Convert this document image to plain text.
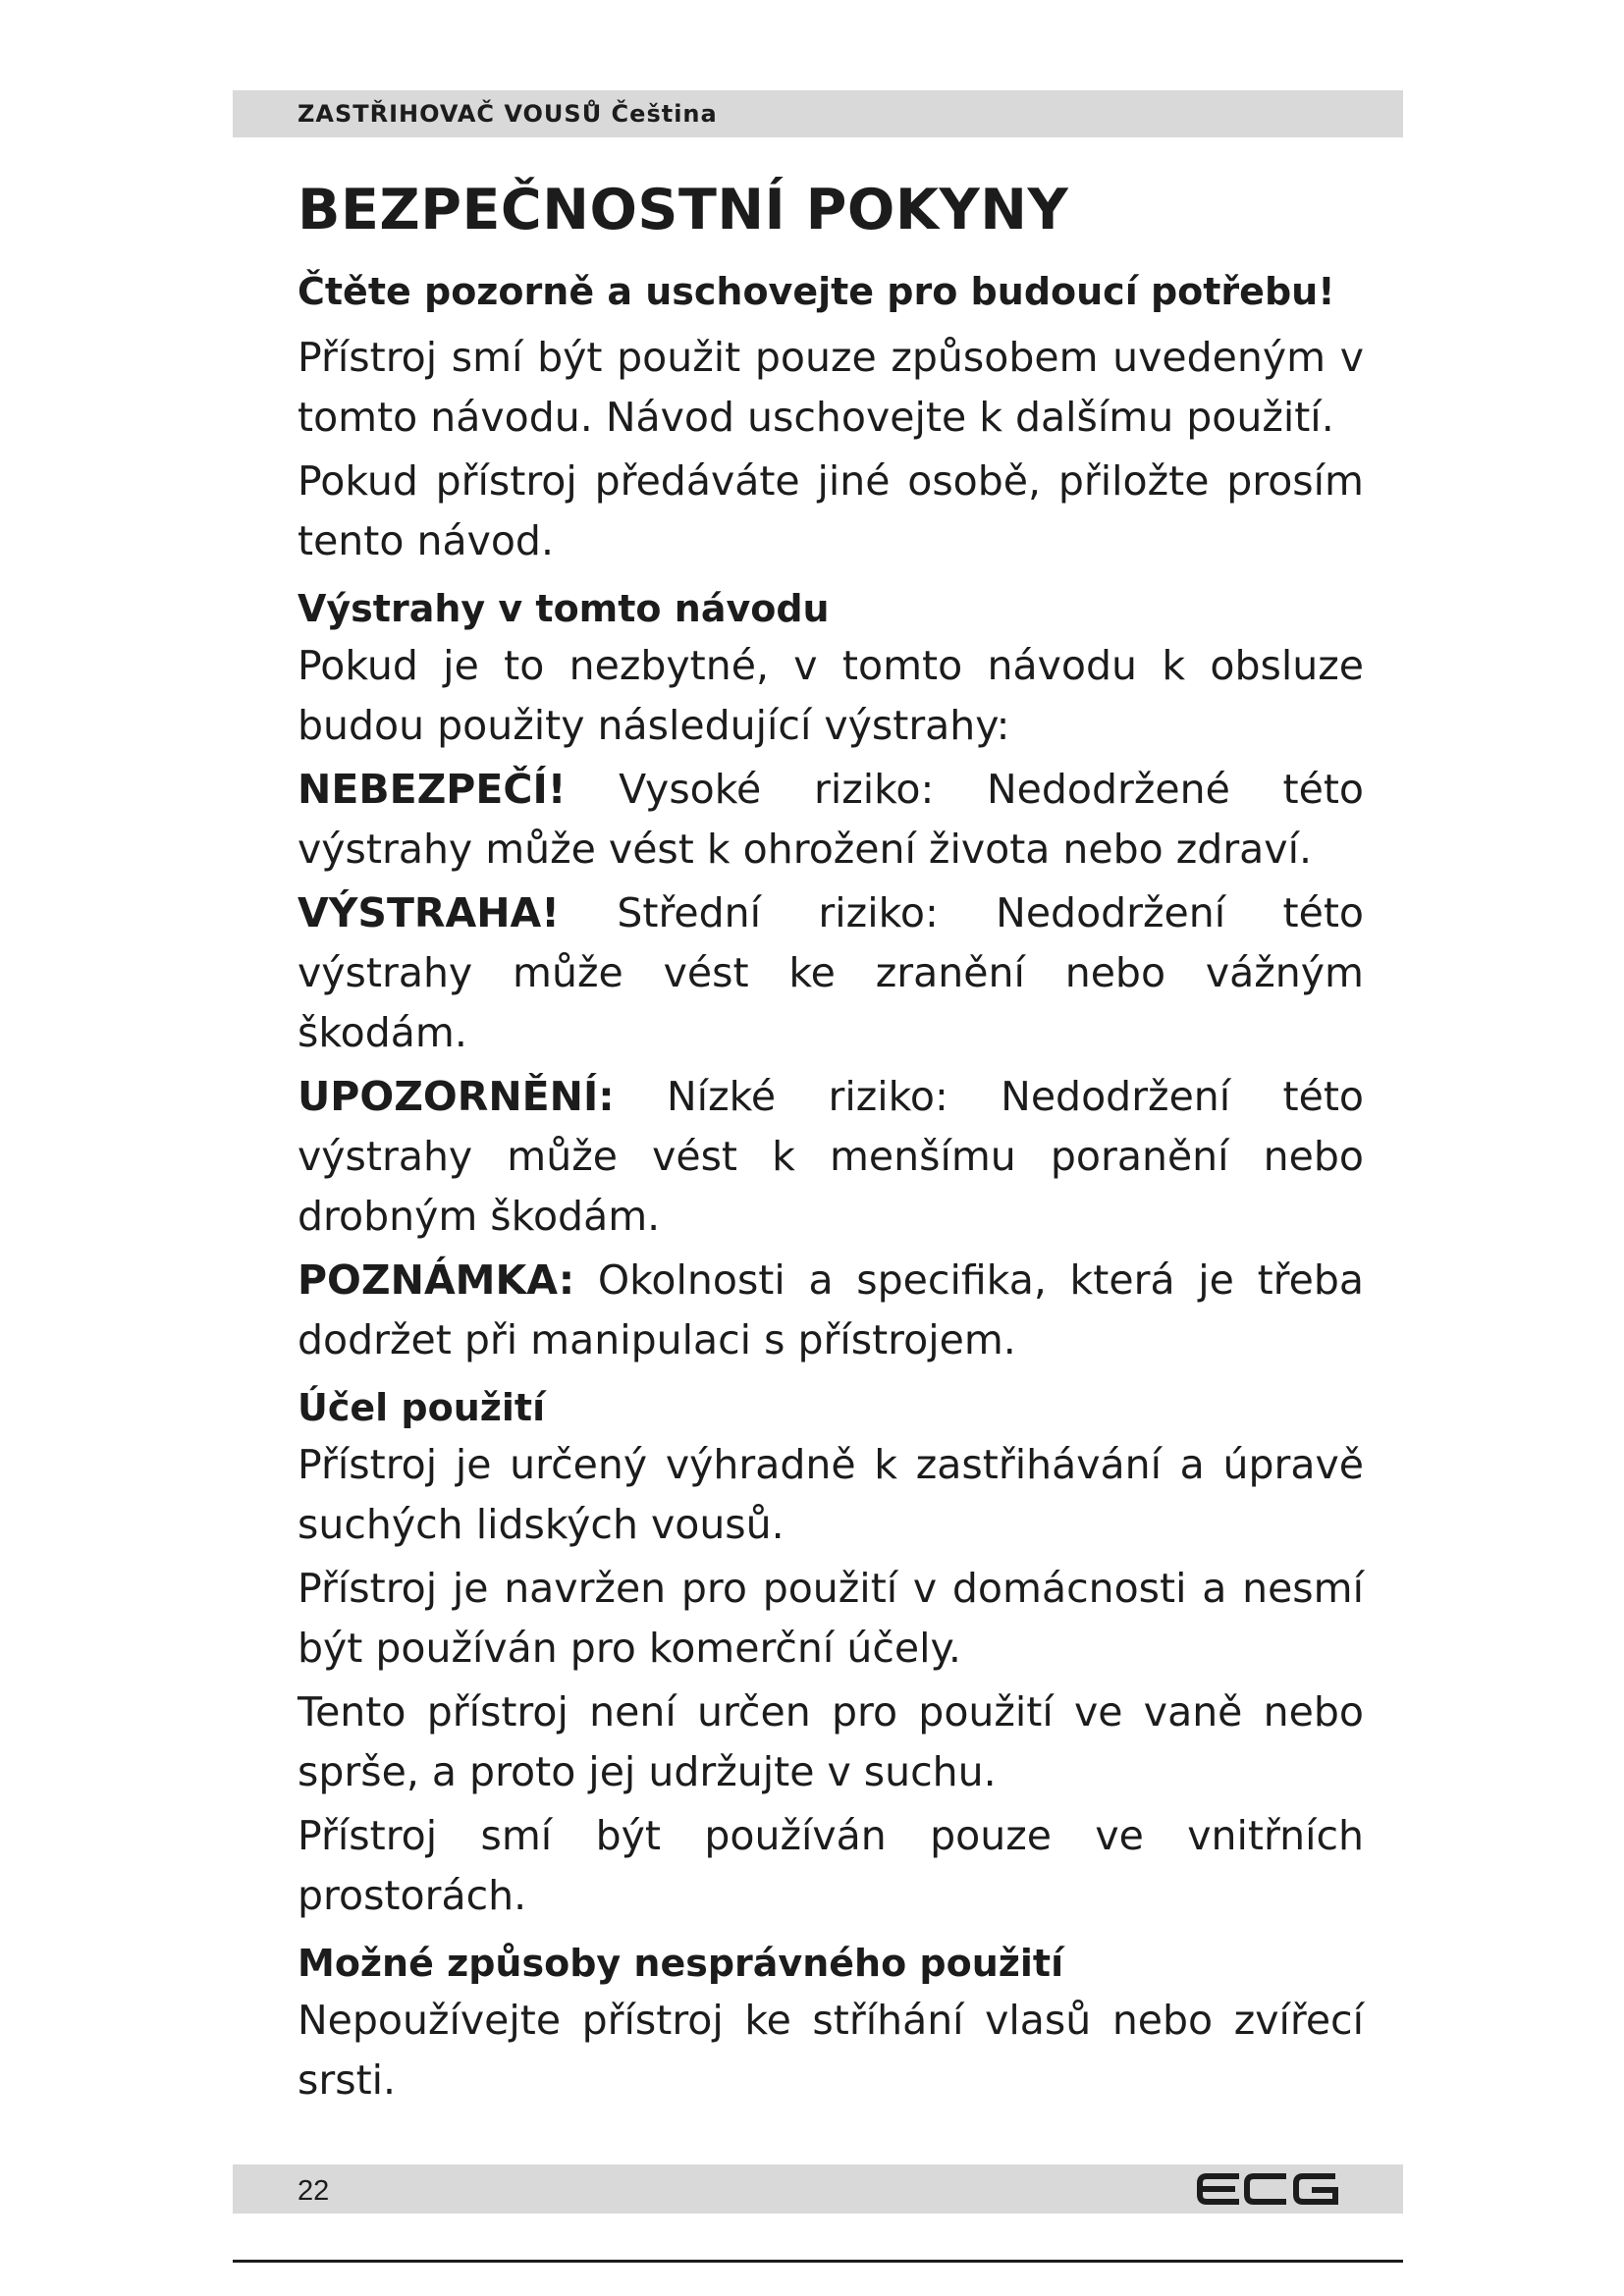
ZASTŘIHOVAČ VOUSŮ Čeština
BEZPEČNOSTNÍ POKYNY
Čtěte pozorně a uschovejte pro budoucí potřebu!

Přístroj smí být použit pouze způsobem uvedeným v tomto návodu. Návod uschovejte k dalšímu použití.

Pokud přístroj předáváte jiné osobě, přiložte prosím tento návod.

Výstrahy v tomto návodu

Pokud je to nezbytné, v tomto návodu k obsluze budou použity následující výstrahy:

NEBEZPEČÍ! Vysoké riziko: Nedodržené této výstrahy může vést k ohrožení života nebo zdraví.

VÝSTRAHA! Střední riziko: Nedodržení této výstrahy může vést ke zranění nebo vážným škodám.

UPOZORNĚNÍ: Nízké riziko: Nedodržení této výstrahy může vést k menšímu poranění nebo drobným škodám.

POZNÁMKA: Okolnosti a specifika, která je třeba dodržet při manipulaci s přístrojem.

Účel použití

Přístroj je určený výhradně k zastřihávání a úpravě suchých lidských vousů.

Přístroj je navržen pro použití v domácnosti a nesmí být používán pro komerční účely.

Tento přístroj není určen pro použití ve vaně nebo sprše, a proto jej udržujte v suchu.

Přístroj smí být používán pouze ve vnitřních prostorách.

Možné způsoby nesprávného použití

Nepoužívejte přístroj ke stříhání vlasů nebo zvířecí srsti.

22
